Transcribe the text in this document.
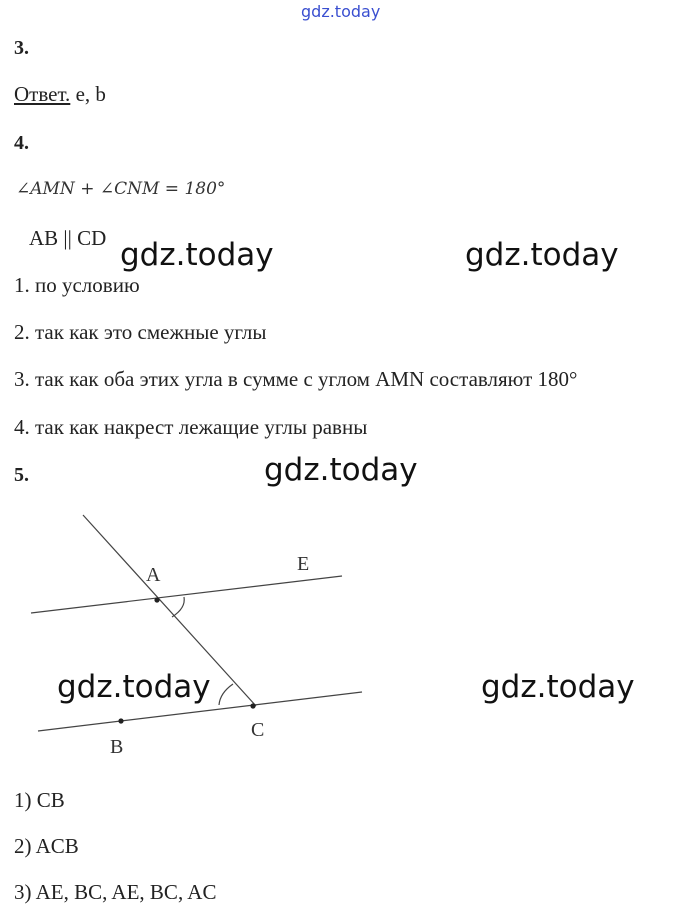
gdz.today
3.
Ответ. e, b
4.
∠AMN + ∠CNM = 180°
AB || CD gdz.today	gdz.today
1. по условию
2. так как это смежные углы
3. так как оба этих угла в сумме с углом AMN составляют 180°
4. так как накрест лежащие углы равны
5.	gdz.today
A	E
B
C
gdz.today	gdz.today
1) CB
2) ACB
3) AE, BC, AE, BC, AC
